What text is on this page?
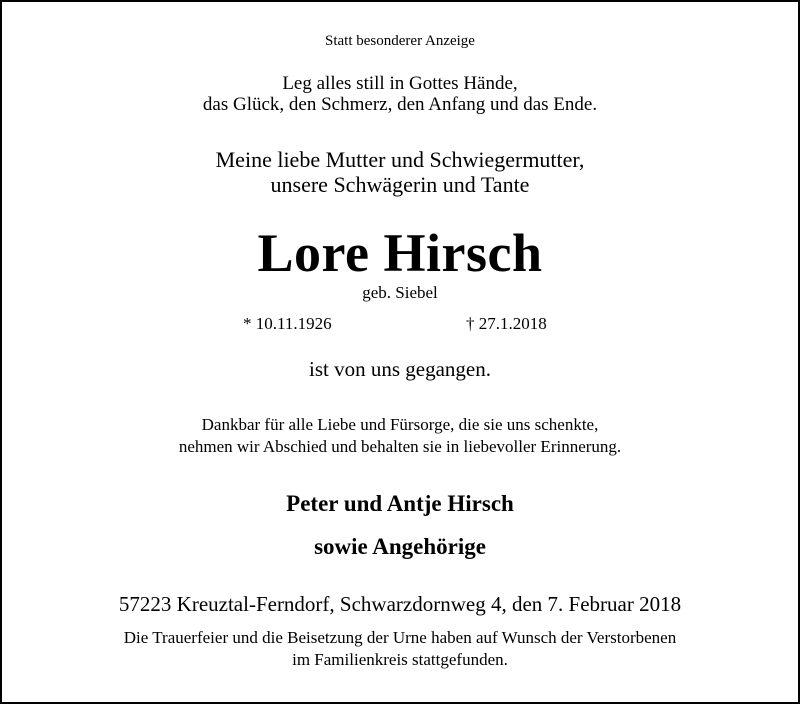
Statt besonderer Anzeige
Leg alles still in Gottes Hände,
das Glück, den Schmerz, den Anfang und das Ende.
Meine liebe Mutter und Schwiegermutter,
unsere Schwägerin und Tante
Lore Hirsch
geb. Siebel
* 10.11.1926	† 27.1.2018
ist von uns gegangen.
Dankbar für alle Liebe und Fürsorge, die sie uns schenkte,
nehmen wir Abschied und behalten sie in liebevoller Erinnerung.
Peter und Antje Hirsch
sowie Angehörige
57223 Kreuztal-Ferndorf, Schwarzdornweg 4, den 7. Februar 2018
Die Trauerfeier und die Beisetzung der Urne haben auf Wunsch der Verstorbenen
im Familienkreis stattgefunden.
